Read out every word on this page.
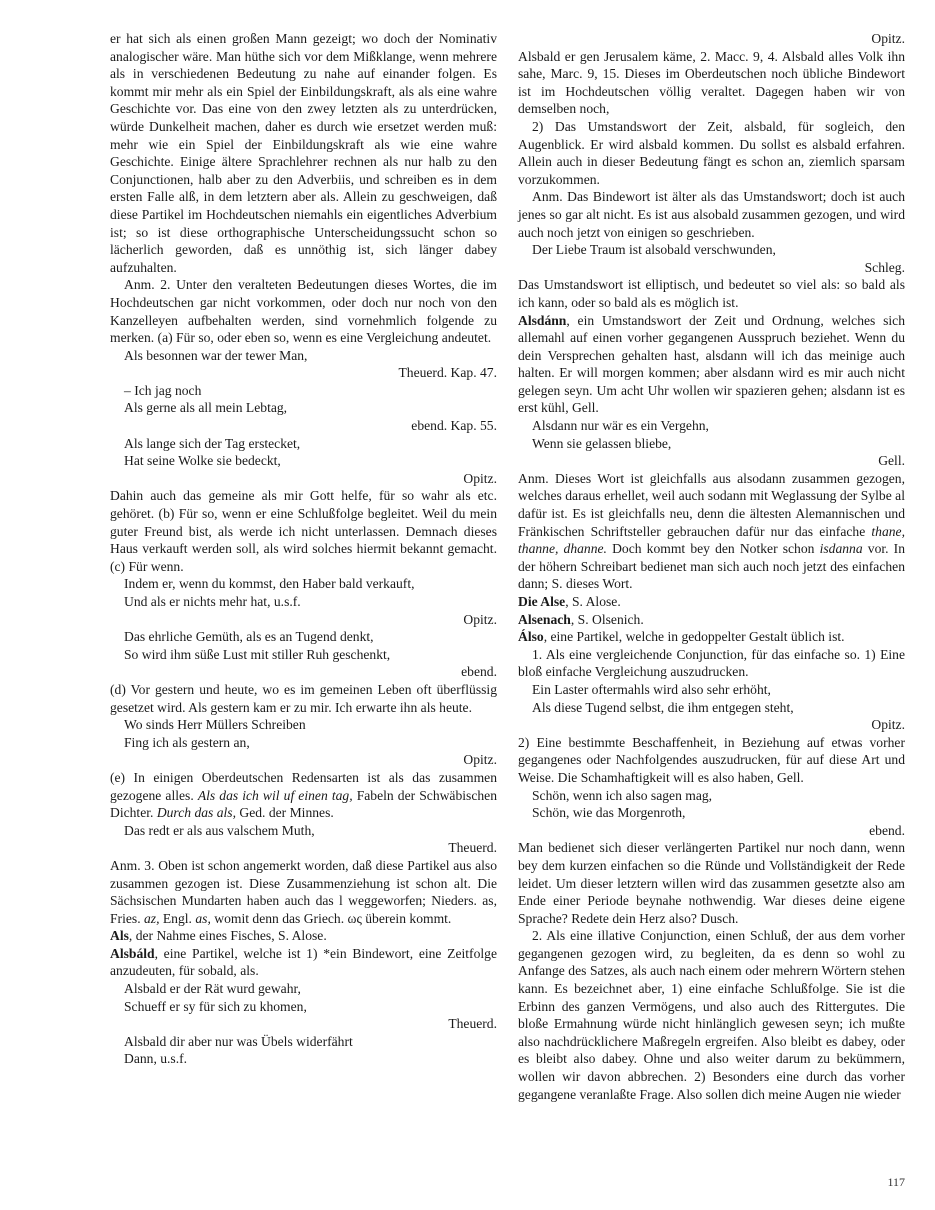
er hat sich als einen großen Mann gezeigt; wo doch der Nominativ analogischer wäre. Man hüthe sich vor dem Mißklange, wenn mehrere als in verschiedenen Bedeutung zu nahe auf einander folgen. Es kommt mir mehr als ein Spiel der Einbildungskraft, als als eine wahre Geschichte vor. Das eine von den zwey letzten als zu unterdrücken, würde Dunkelheit machen, daher es durch wie ersetzet werden muß: mehr wie ein Spiel der Einbildungskraft als wie eine wahre Geschichte. Einige ältere Sprachlehrer rechnen als nur halb zu den Conjunctionen, halb aber zu den Adverbiis, und schreiben es in dem ersten Falle alß, in dem letztern aber als. Allein zu geschweigen, daß diese Partikel im Hochdeutschen niemahls ein eigentliches Adverbium ist; so ist diese orthographische Unterscheidungssucht schon so lächerlich geworden, daß es unnöthig ist, sich länger dabey aufzuhalten.

Anm. 2. Unter den veralteten Bedeutungen dieses Wortes, die im Hochdeutschen gar nicht vorkommen, oder doch nur noch von den Kanzelleyen aufbehalten werden, sind vornehmlich folgende zu merken. (a) Für so, oder eben so, wenn es eine Vergleichung andeutet.

Als besonnen war der tewer Man,

Theuerd. Kap. 47.

– Ich jag noch

Als gerne als all mein Lebtag,

ebend. Kap. 55.

Als lange sich der Tag erstecket,

Hat seine Wolke sie bedeckt,

Opitz.

Dahin auch das gemeine als mir Gott helfe, für so wahr als etc. gehöret. (b) Für so, wenn er eine Schlußfolge begleitet. Weil du mein guter Freund bist, als werde ich nicht unterlassen. Demnach dieses Haus verkauft werden soll, als wird solches hiermit bekannt gemacht. (c) Für wenn.

Indem er, wenn du kommst, den Haber bald verkauft,

Und als er nichts mehr hat, u.s.f.

Opitz.

Das ehrliche Gemüth, als es an Tugend denkt,

So wird ihm süße Lust mit stiller Ruh geschenkt,

ebend.

(d) Vor gestern und heute, wo es im gemeinen Leben oft überflüssig gesetzet wird. Als gestern kam er zu mir. Ich erwarte ihn als heute.

Wo sinds Herr Müllers Schreiben

Fing ich als gestern an,

Opitz.

(e) In einigen Oberdeutschen Redensarten ist als das zusammen gezogene alles. Als das ich wil uf einen tag, Fabeln der Schwäbischen Dichter. Durch das als, Ged. der Minnes.

Das redt er als aus valschem Muth,

Theuerd.

Anm. 3. Oben ist schon angemerkt worden, daß diese Partikel aus also zusammen gezogen ist. Diese Zusammenziehung ist schon alt. Die Sächsischen Mundarten haben auch das l weggeworfen; Nieders. as, Fries. az, Engl. as, womit denn das Griech. ως überein kommt.

Als, der Nahme eines Fisches, S. Alose.

Alsbáld, eine Partikel, welche ist 1) *ein Bindewort, eine Zeitfolge anzudeuten, für sobald, als.

Alsbald er der Rät wurd gewahr,

Schueff er sy für sich zu khomen,

Theuerd.

Alsbald dir aber nur was Übels widerfährt

Dann, u.s.f.

Opitz.

Alsbald er gen Jerusalem käme, 2. Macc. 9, 4. Alsbald alles Volk ihn sahe, Marc. 9, 15. Dieses im Oberdeutschen noch übliche Bindewort ist im Hochdeutschen völlig veraltet. Dagegen haben wir von demselben noch,

2) Das Umstandswort der Zeit, alsbald, für sogleich, den Augenblick. Er wird alsbald kommen. Du sollst es alsbald erfahren. Allein auch in dieser Bedeutung fängt es schon an, ziemlich sparsam vorzukommen.

Anm. Das Bindewort ist älter als das Umstandswort; doch ist auch jenes so gar alt nicht. Es ist aus alsobald zusammen gezogen, und wird auch noch jetzt von einigen so geschrieben.

Der Liebe Traum ist alsobald verschwunden,

Schleg.

Das Umstandswort ist elliptisch, und bedeutet so viel als: so bald als ich kann, oder so bald als es möglich ist.

Alsdánn, ein Umstandswort der Zeit und Ordnung, welches sich allemahl auf einen vorher gegangenen Ausspruch beziehet. Wenn du dein Versprechen gehalten hast, alsdann will ich das meinige auch halten. Er will morgen kommen; aber alsdann wird es mir auch nicht gelegen seyn. Um acht Uhr wollen wir spazieren gehen; alsdann ist es erst kühl, Gell.

Alsdann nur wär es ein Vergehn,

Wenn sie gelassen bliebe,

Gell.

Anm. Dieses Wort ist gleichfalls aus alsodann zusammen gezogen, welches daraus erhellet, weil auch sodann mit Weglassung der Sylbe al dafür ist. Es ist gleichfalls neu, denn die ältesten Alemannischen und Fränkischen Schriftsteller gebrauchen dafür nur das einfache thane, thanne, dhanne. Doch kommt bey den Notker schon isdanna vor. In der höhern Schreibart bedienet man sich auch noch jetzt des einfachen dann; S. dieses Wort.

Die Alse, S. Alose.

Alsenach, S. Olsenich.

Álso, eine Partikel, welche in gedoppelter Gestalt üblich ist.

1. Als eine vergleichende Conjunction, für das einfache so. 1) Eine bloß einfache Vergleichung auszudrucken.

Ein Laster oftermahls wird also sehr erhöht,

Als diese Tugend selbst, die ihm entgegen steht,

Opitz.

2) Eine bestimmte Beschaffenheit, in Beziehung auf etwas vorher gegangenes oder Nachfolgendes auszudrucken, für auf diese Art und Weise. Die Schamhaftigkeit will es also haben, Gell.

Schön, wenn ich also sagen mag,

Schön, wie das Morgenroth,

ebend.

Man bedienet sich dieser verlängerten Partikel nur noch dann, wenn bey dem kurzen einfachen so die Ründe und Vollständigkeit der Rede leidet. Um dieser letztern willen wird das zusammen gesetzte also am Ende einer Periode beynahe nothwendig. War dieses deine eigene Sprache? Redete dein Herz also? Dusch.

2. Als eine illative Conjunction, einen Schluß, der aus dem vorher gegangenen gezogen wird, zu begleiten, da es denn so wohl zu Anfange des Satzes, als auch nach einem oder mehrern Wörtern stehen kann. Es bezeichnet aber, 1) eine einfache Schlußfolge. Sie ist die Erbinn des ganzen Vermögens, und also auch des Rittergutes. Die bloße Ermahnung würde nicht hinlänglich gewesen seyn; ich mußte also nachdrücklichere Maßregeln ergreifen. Also bleibt es dabey, oder es bleibt also dabey. Ohne und also weiter darum zu bekümmern, wollen wir davon abbrechen. 2) Besonders eine durch das vorher gegangene veranlaßte Frage. Also sollen dich meine Augen nie wieder

117
